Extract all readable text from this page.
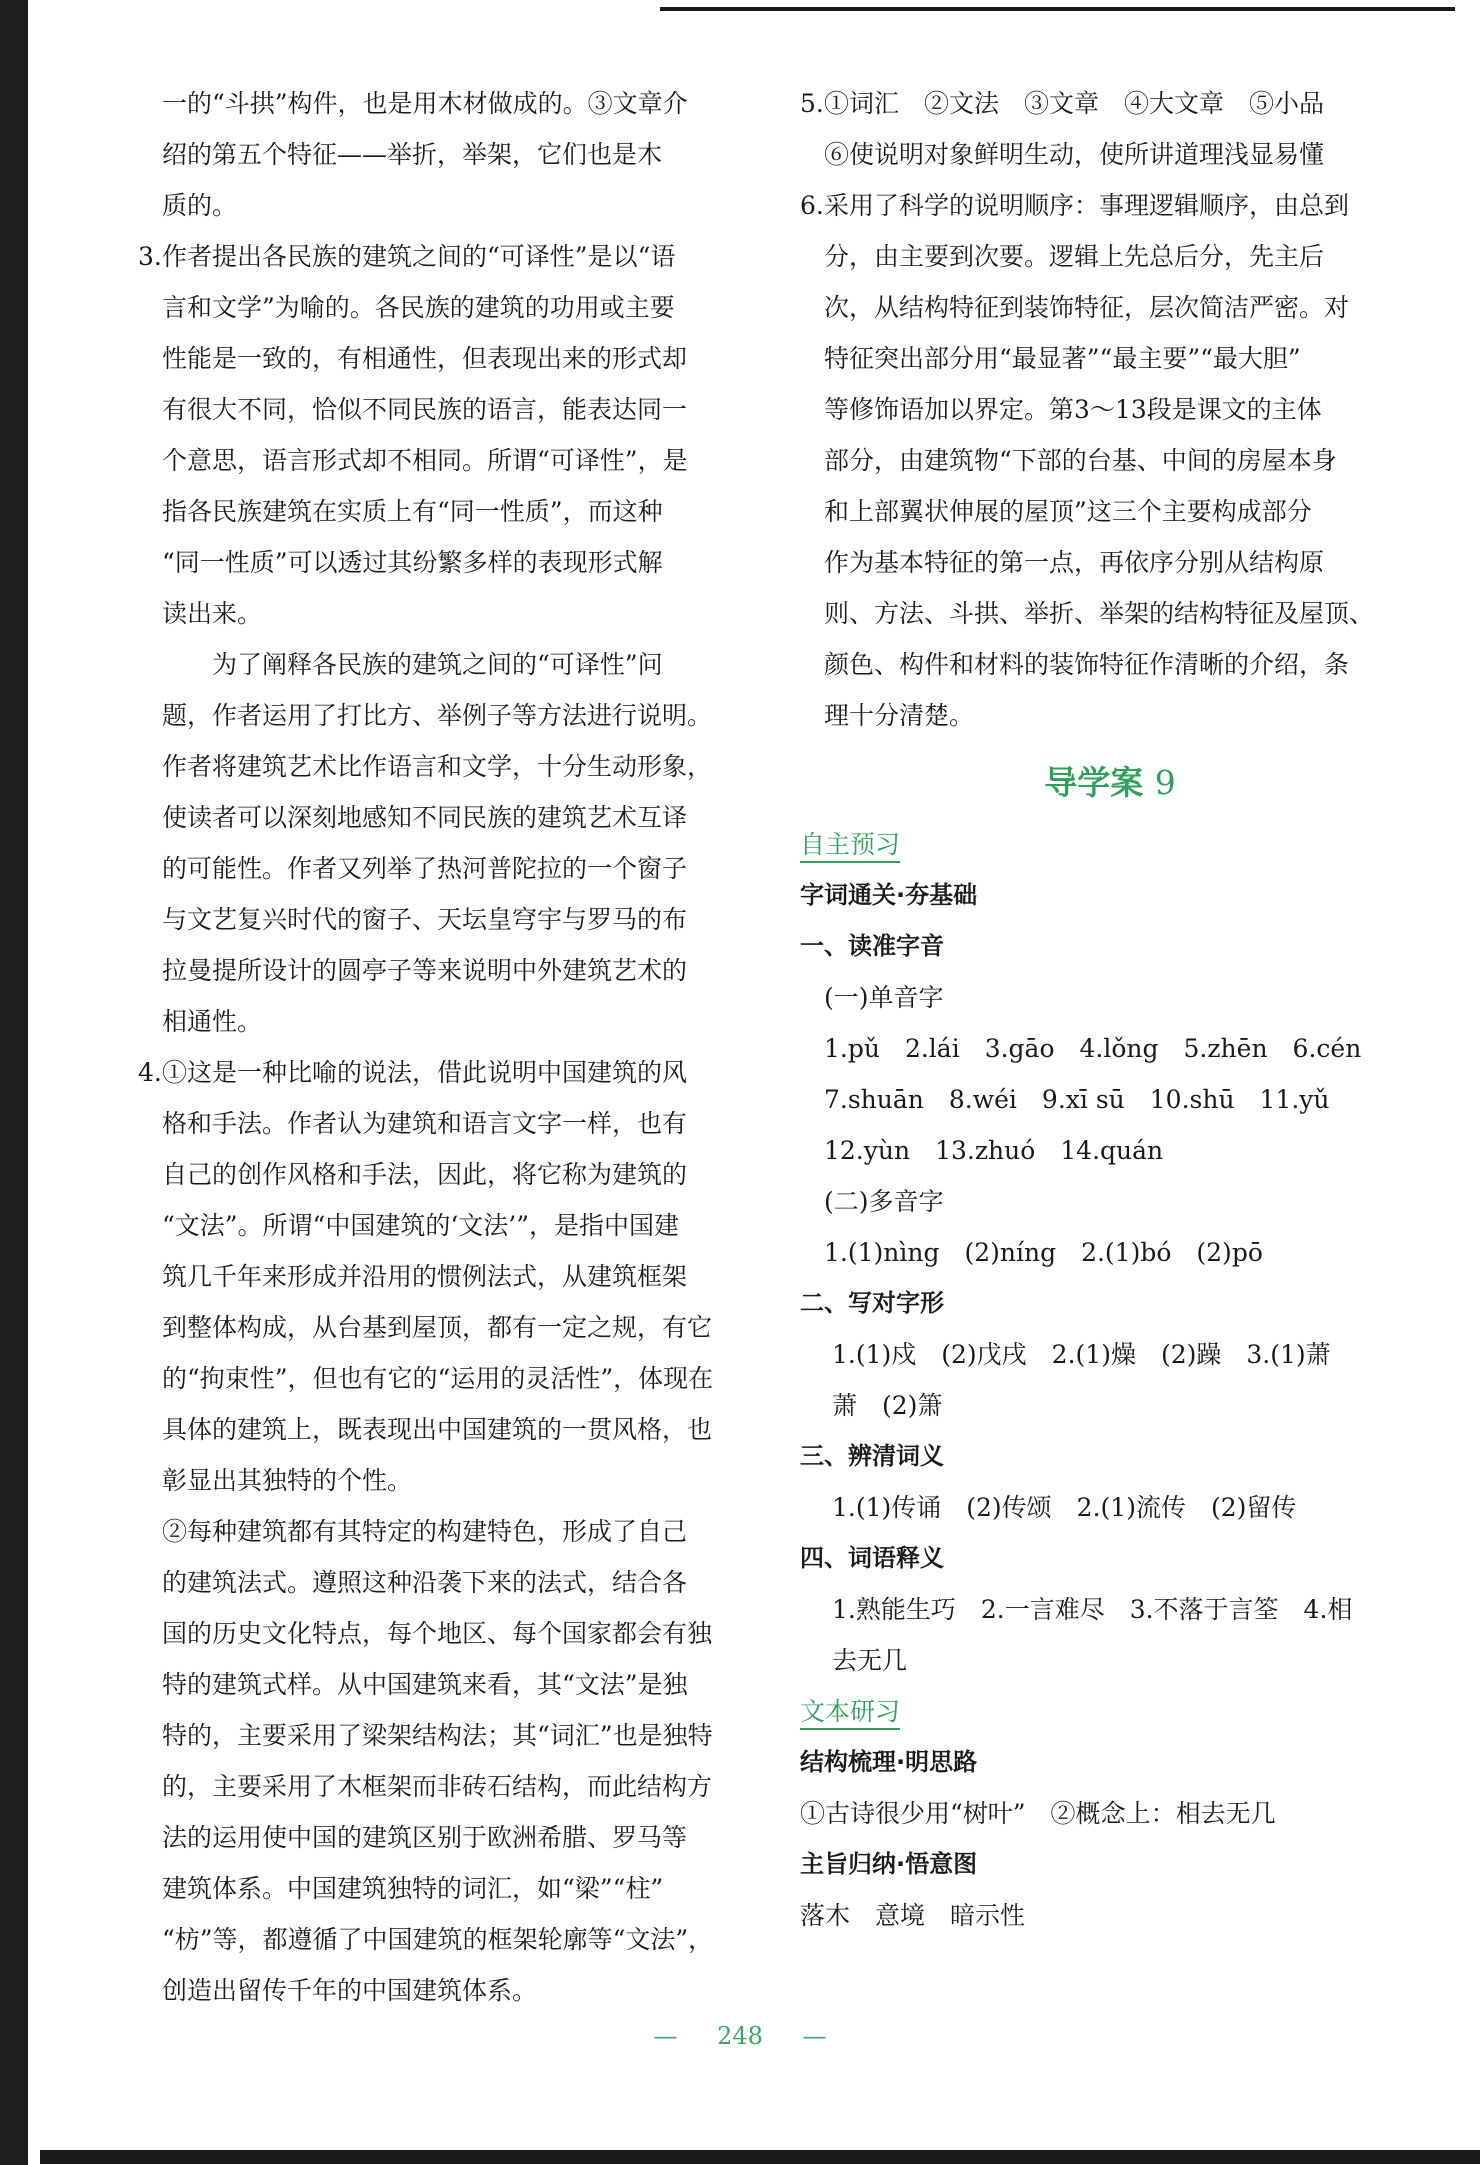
一的“斗拱”构件，也是用木材做成的。③文章介
绍的第五个特征——举折，举架，它们也是木
质的。
3. 作者提出各民族的建筑之间的“可译性”是以“语
言和文学”为喻的。各民族的建筑的功用或主要
性能是一致的，有相通性，但表现出来的形式却
有很大不同，恰似不同民族的语言，能表达同一
个意思，语言形式却不相同。所谓“可译性”，是
指各民族建筑在实质上有“同一性质”，而这种
“同一性质”可以透过其纷繁多样的表现形式解
读出来。
为了阐释各民族的建筑之间的“可译性”问
题，作者运用了打比方、举例子等方法进行说明。
作者将建筑艺术比作语言和文学，十分生动形象，
使读者可以深刻地感知不同民族的建筑艺术互译
的可能性。作者又列举了热河普陀拉的一个窗子
与文艺复兴时代的窗子、天坛皇穹宇与罗马的布
拉曼提所设计的圆亭子等来说明中外建筑艺术的
相通性。
4. ①这是一种比喻的说法，借此说明中国建筑的风
格和手法。作者认为建筑和语言文字一样，也有
自己的创作风格和手法，因此，将它称为建筑的
“文法”。所谓“中国建筑的‘文法’”，是指中国建
筑几千年来形成并沿用的惯例法式，从建筑框架
到整体构成，从台基到屋顶，都有一定之规，有它
的“拘束性”，但也有它的“运用的灵活性”，体现在
具体的建筑上，既表现出中国建筑的一贯风格，也
彰显出其独特的个性。
②每种建筑都有其特定的构建特色，形成了自己
的建筑法式。遵照这种沿袭下来的法式，结合各
国的历史文化特点，每个地区、每个国家都会有独
特的建筑式样。从中国建筑来看，其“文法”是独
特的，主要采用了梁架结构法；其“词汇”也是独特
的，主要采用了木框架而非砖石结构，而此结构方
法的运用使中国的建筑区别于欧洲希腊、罗马等
建筑体系。中国建筑独特的词汇，如“梁”“柱”
“枋”等，都遵循了中国建筑的框架轮廓等“文法”，
创造出留传千年的中国建筑体系。
5. ①词汇　②文法　③文章　④大文章　⑤小品
⑥使说明对象鲜明生动，使所讲道理浅显易懂
6. 采用了科学的说明顺序：事理逻辑顺序，由总到
分，由主要到次要。逻辑上先总后分，先主后
次，从结构特征到装饰特征，层次简洁严密。对
特征突出部分用“最显著”“最主要”“最大胆”
等修饰语加以界定。第3～13段是课文的主体
部分，由建筑物“下部的台基、中间的房屋本身
和上部翼状伸展的屋顶”这三个主要构成部分
作为基本特征的第一点，再依序分别从结构原
则、方法、斗拱、举折、举架的结构特征及屋顶、
颜色、构件和材料的装饰特征作清晰的介绍，条
理十分清楚。
导学案 9
自主预习
字词通关·夯基础
一、读准字音
(一)单音字
1.pǔ　2.lái　3.gāo　4.lǒng　5.zhēn　6.cén
7.shuān　8.wéi　9.xī sū　10.shū　11.yǔ
12.yùn　13.zhuó　14.quán
(二)多音字
1.(1)nìng　(2)níng　2.(1)bó　(2)pō
二、写对字形
1.(1)戍　(2)戊戌　2.(1)燥　(2)躁　3.(1)萧
萧　(2)箫
三、辨清词义
1.(1)传诵　(2)传颂　2.(1)流传　(2)留传
四、词语释义
1.熟能生巧　2.一言难尽　3.不落于言筌　4.相
去无几
文本研习
结构梳理·明思路
①古诗很少用“树叶”　②概念上：相去无几
主旨归纳·悟意图
落木　意境　暗示性
— 248 —
